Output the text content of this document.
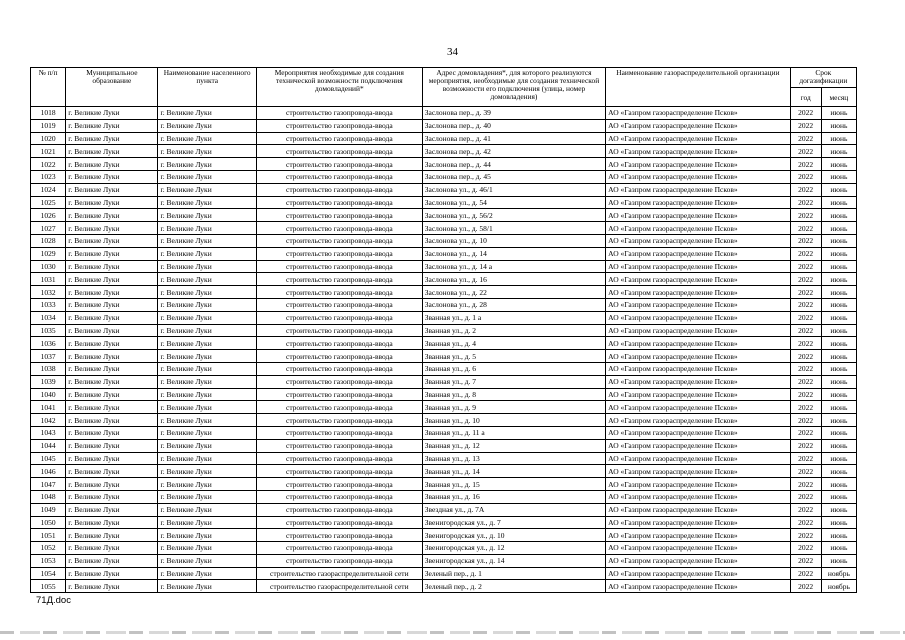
34
№ п/п	Муниципальное образование	Наименование населенного пункта	Мероприятия необходимые для создания технической возможности подключения домовладений*	Адрес домовладения*, для которого реализуются мероприятия, необходимые для создания технической возможности его подключения (улица, номер домовладения)	Наименование газораспределительной организации	Срок догазификации	
						год	месяц
1018	г. Великие Луки	г. Великие Луки	строительство газопровода-ввода	Заслонова пер., д. 39	АО «Газпром газораспределение Псков»	2022	июнь
1019	г. Великие Луки	г. Великие Луки	строительство газопровода-ввода	Заслонова пер., д. 40	АО «Газпром газораспределение Псков»	2022	июнь
1020	г. Великие Луки	г. Великие Луки	строительство газопровода-ввода	Заслонова пер., д. 41	АО «Газпром газораспределение Псков»	2022	июнь
1021	г. Великие Луки	г. Великие Луки	строительство газопровода-ввода	Заслонова пер., д. 42	АО «Газпром газораспределение Псков»	2022	июнь
1022	г. Великие Луки	г. Великие Луки	строительство газопровода-ввода	Заслонова пер., д. 44	АО «Газпром газораспределение Псков»	2022	июнь
1023	г. Великие Луки	г. Великие Луки	строительство газопровода-ввода	Заслонова пер., д. 45	АО «Газпром газораспределение Псков»	2022	июнь
1024	г. Великие Луки	г. Великие Луки	строительство газопровода-ввода	Заслонова ул., д. 46/1	АО «Газпром газораспределение Псков»	2022	июнь
1025	г. Великие Луки	г. Великие Луки	строительство газопровода-ввода	Заслонова ул., д. 54	АО «Газпром газораспределение Псков»	2022	июнь
1026	г. Великие Луки	г. Великие Луки	строительство газопровода-ввода	Заслонова ул., д. 56/2	АО «Газпром газораспределение Псков»	2022	июнь
1027	г. Великие Луки	г. Великие Луки	строительство газопровода-ввода	Заслонова ул., д. 58/1	АО «Газпром газораспределение Псков»	2022	июнь
1028	г. Великие Луки	г. Великие Луки	строительство газопровода-ввода	Заслонова ул., д. 10	АО «Газпром газораспределение Псков»	2022	июнь
1029	г. Великие Луки	г. Великие Луки	строительство газопровода-ввода	Заслонова ул., д. 14	АО «Газпром газораспределение Псков»	2022	июнь
1030	г. Великие Луки	г. Великие Луки	строительство газопровода-ввода	Заслонова ул., д. 14 а	АО «Газпром газораспределение Псков»	2022	июнь
1031	г. Великие Луки	г. Великие Луки	строительство газопровода-ввода	Заслонова ул., д. 16	АО «Газпром газораспределение Псков»	2022	июнь
1032	г. Великие Луки	г. Великие Луки	строительство газопровода-ввода	Заслонова ул., д. 22	АО «Газпром газораспределение Псков»	2022	июнь
1033	г. Великие Луки	г. Великие Луки	строительство газопровода-ввода	Заслонова ул., д. 28	АО «Газпром газораспределение Псков»	2022	июнь
1034	г. Великие Луки	г. Великие Луки	строительство газопровода-ввода	Званная ул., д. 1 а	АО «Газпром газораспределение Псков»	2022	июнь
1035	г. Великие Луки	г. Великие Луки	строительство газопровода-ввода	Званная ул., д. 2	АО «Газпром газораспределение Псков»	2022	июнь
1036	г. Великие Луки	г. Великие Луки	строительство газопровода-ввода	Званная ул., д. 4	АО «Газпром газораспределение Псков»	2022	июнь
1037	г. Великие Луки	г. Великие Луки	строительство газопровода-ввода	Званная ул., д. 5	АО «Газпром газораспределение Псков»	2022	июнь
1038	г. Великие Луки	г. Великие Луки	строительство газопровода-ввода	Званная ул., д. 6	АО «Газпром газораспределение Псков»	2022	июнь
1039	г. Великие Луки	г. Великие Луки	строительство газопровода-ввода	Званная ул., д. 7	АО «Газпром газораспределение Псков»	2022	июнь
1040	г. Великие Луки	г. Великие Луки	строительство газопровода-ввода	Званная ул., д. 8	АО «Газпром газораспределение Псков»	2022	июнь
1041	г. Великие Луки	г. Великие Луки	строительство газопровода-ввода	Званная ул., д. 9	АО «Газпром газораспределение Псков»	2022	июнь
1042	г. Великие Луки	г. Великие Луки	строительство газопровода-ввода	Званная ул., д. 10	АО «Газпром газораспределение Псков»	2022	июнь
1043	г. Великие Луки	г. Великие Луки	строительство газопровода-ввода	Званная ул., д. 11 а	АО «Газпром газораспределение Псков»	2022	июнь
1044	г. Великие Луки	г. Великие Луки	строительство газопровода-ввода	Званная ул., д. 12	АО «Газпром газораспределение Псков»	2022	июнь
1045	г. Великие Луки	г. Великие Луки	строительство газопровода-ввода	Званная ул., д. 13	АО «Газпром газораспределение Псков»	2022	июнь
1046	г. Великие Луки	г. Великие Луки	строительство газопровода-ввода	Званная ул., д. 14	АО «Газпром газораспределение Псков»	2022	июнь
1047	г. Великие Луки	г. Великие Луки	строительство газопровода-ввода	Званная ул., д. 15	АО «Газпром газораспределение Псков»	2022	июнь
1048	г. Великие Луки	г. Великие Луки	строительство газопровода-ввода	Званная ул., д. 16	АО «Газпром газораспределение Псков»	2022	июнь
1049	г. Великие Луки	г. Великие Луки	строительство газопровода-ввода	Звездная ул., д. 7А	АО «Газпром газораспределение Псков»	2022	июнь
1050	г. Великие Луки	г. Великие Луки	строительство газопровода-ввода	Звенигородская ул., д. 7	АО «Газпром газораспределение Псков»	2022	июнь
1051	г. Великие Луки	г. Великие Луки	строительство газопровода-ввода	Звенигородская ул., д. 10	АО «Газпром газораспределение Псков»	2022	июнь
1052	г. Великие Луки	г. Великие Луки	строительство газопровода-ввода	Звенигородская ул., д. 12	АО «Газпром газораспределение Псков»	2022	июнь
1053	г. Великие Луки	г. Великие Луки	строительство газопровода-ввода	Звенигородская ул., д. 14	АО «Газпром газораспределение Псков»	2022	июнь
1054	г. Великие Луки	г. Великие Луки	строительство газораспределительной сети	Зеленый пер., д. 1	АО «Газпром газораспределение Псков»	2022	ноябрь
1055	г. Великие Луки	г. Великие Луки	строительство газораспределительной сети	Зеленый пер., д. 2	АО «Газпром газораспределение Псков»	2022	ноябрь
71Д.doc
